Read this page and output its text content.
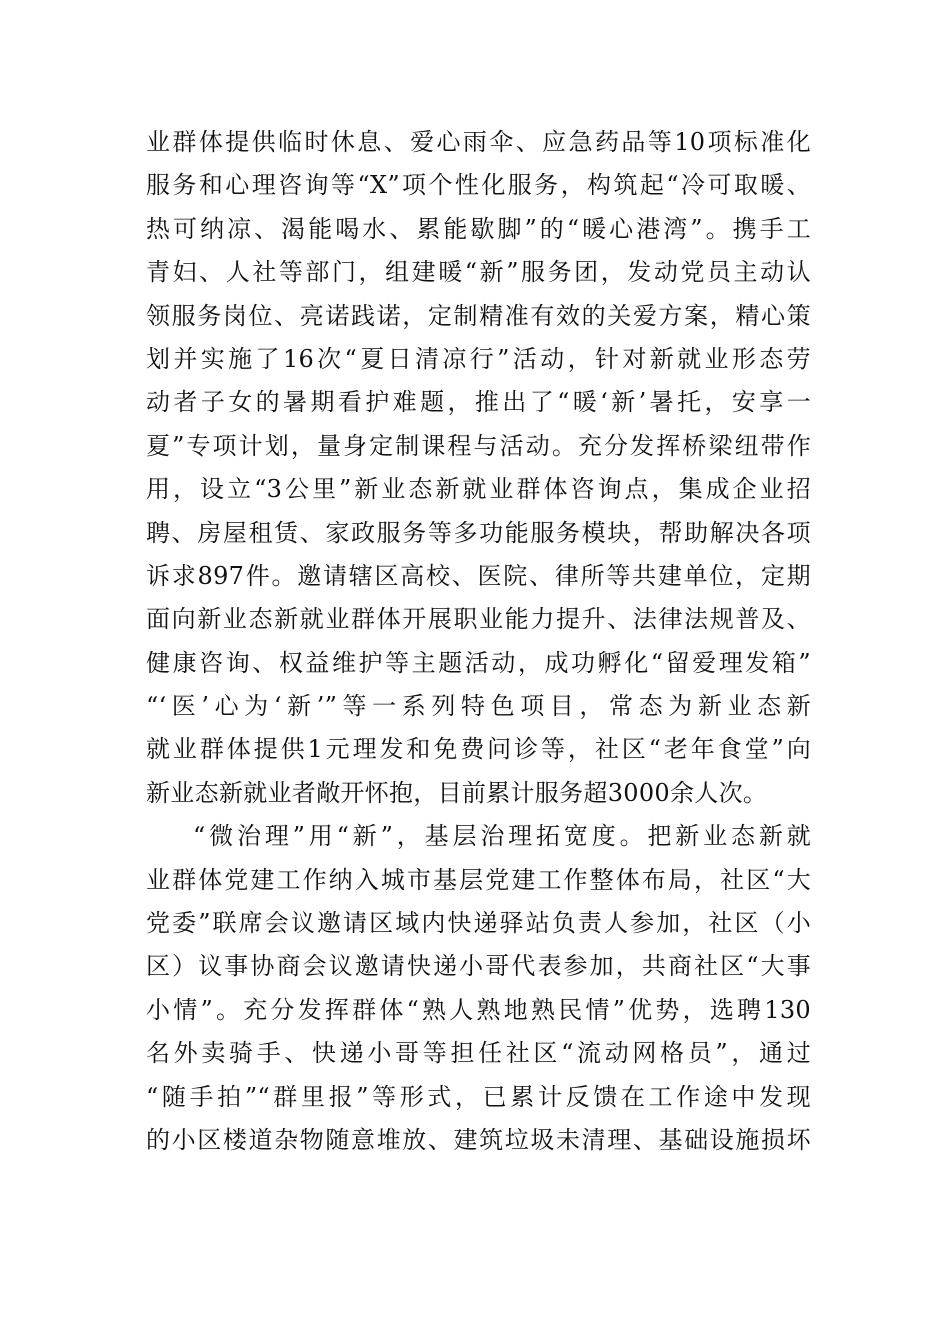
业群体提供临时休息、爱心雨伞、应急药品等10项标准化
服务和心理咨询等“X”项个性化服务，构筑起“冷可取暖、
热可纳凉、渴能喝水、累能歇脚”的“暖心港湾”。携手工
青妇、人社等部门，组建暖“新”服务团，发动党员主动认
领服务岗位、亮诺践诺，定制精准有效的关爱方案，精心策
划并实施了16次“夏日清凉行”活动，针对新就业形态劳
动者子女的暑期看护难题，推出了“暖‘新’暑托，安享一
夏”专项计划，量身定制课程与活动。充分发挥桥梁纽带作
用，设立“3公里”新业态新就业群体咨询点，集成企业招
聘、房屋租赁、家政服务等多功能服务模块，帮助解决各项
诉求897件。邀请辖区高校、医院、律所等共建单位，定期
面向新业态新就业群体开展职业能力提升、法律法规普及、
健康咨询、权益维护等主题活动，成功孵化“留爱理发箱”
“‘医’心为‘新’”等一系列特色项目，常态为新业态新
就业群体提供1元理发和免费问诊等，社区“老年食堂”向
新业态新就业者敞开怀抱，目前累计服务超3000余人次。
“微治理”用“新”，基层治理拓宽度。把新业态新就
业群体党建工作纳入城市基层党建工作整体布局，社区“大
党委”联席会议邀请区域内快递驿站负责人参加，社区（小
区）议事协商会议邀请快递小哥代表参加，共商社区“大事
小情”。充分发挥群体“熟人熟地熟民情”优势，选聘130
名外卖骑手、快递小哥等担任社区“流动网格员”，通过
“随手拍”“群里报”等形式，已累计反馈在工作途中发现
的小区楼道杂物随意堆放、建筑垃圾未清理、基础设施损坏
